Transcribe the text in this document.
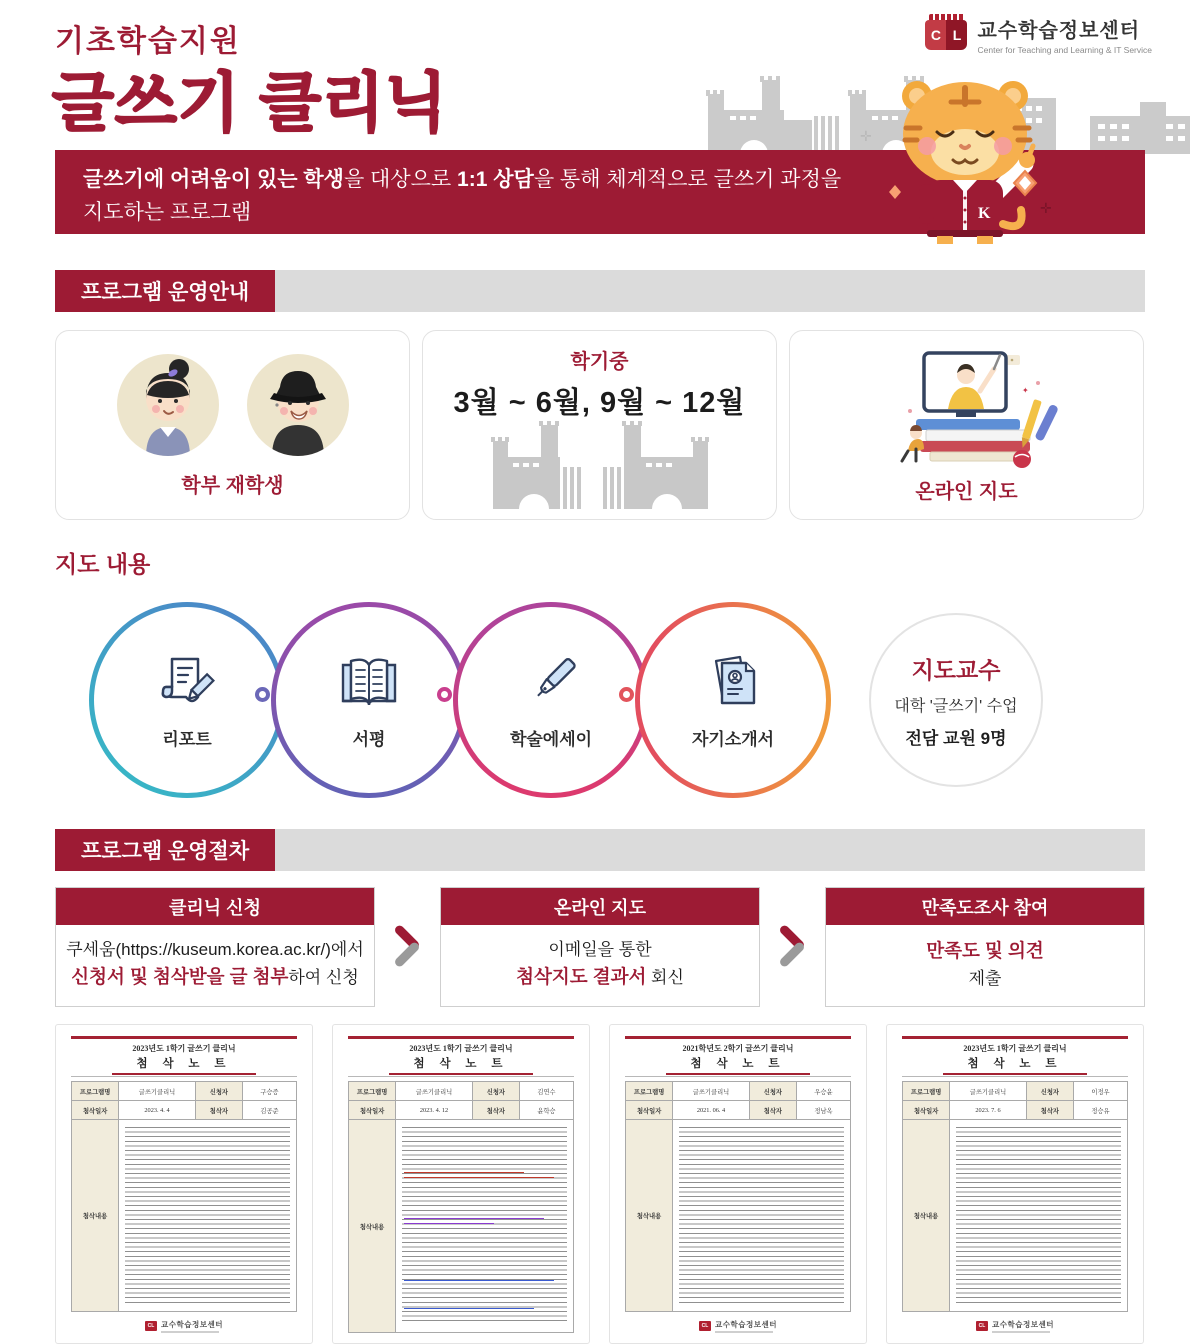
기초학습지원
글쓰기 클리닉
C L 교수학습정보센터
Center for Teaching and Learning & IT Service
글쓰기에 어려움이 있는 학생을 대상으로 1:1 상담을 통해 체계적으로 글쓰기 과정을
지도하는 프로그램	K
✛
✛
프로그램 운영안내
학부 재학생
학기중
3월 ~ 6월, 9월 ~ 12월	✦
온라인 지도
지도 내용
리포트	서평	학술에세이	자기소개서
지도교수
대학 '글쓰기' 수업
전담 교원 9명
프로그램 운영절차
클리닉 신청
쿠세움(https://kuseum.korea.ac.kr/)에서
신청서 및 첨삭받을 글 첨부하여 신청
온라인 지도
이메일을 통한
첨삭지도 결과서 회신
만족도조사 참여
만족도 및 의견
제출
2023년도 1학기 글쓰기 클리닉
첨 삭 노 트
프로그램명	글쓰기클리닉	신청자	구승증
첨삭일자	2023. 4. 4	첨삭자	김공준
첨삭내용
CL 교수학습정보센터
2023년도 1학기 글쓰기 클리닉
첨 삭 노 트
프로그램명	글쓰기클리닉	신청자	김연수
첨삭일자	2023. 4. 12	첨삭자	윤학승
첨삭내용
2021학년도 2학기 글쓰기 클리닉
첨 삭 노 트
프로그램명	글쓰기클리닉	신청자	우승윤
첨삭일자	2021. 06. 4	첨삭자	정남옥
첨삭내용
CL 교수학습정보센터
2023년도 1학기 글쓰기 클리닉
첨 삭 노 트
프로그램명	글쓰기클리닉	신청자	이정우
첨삭일자	2023. 7. 6	첨삭자	정승유
첨삭내용
CL 교수학습정보센터
